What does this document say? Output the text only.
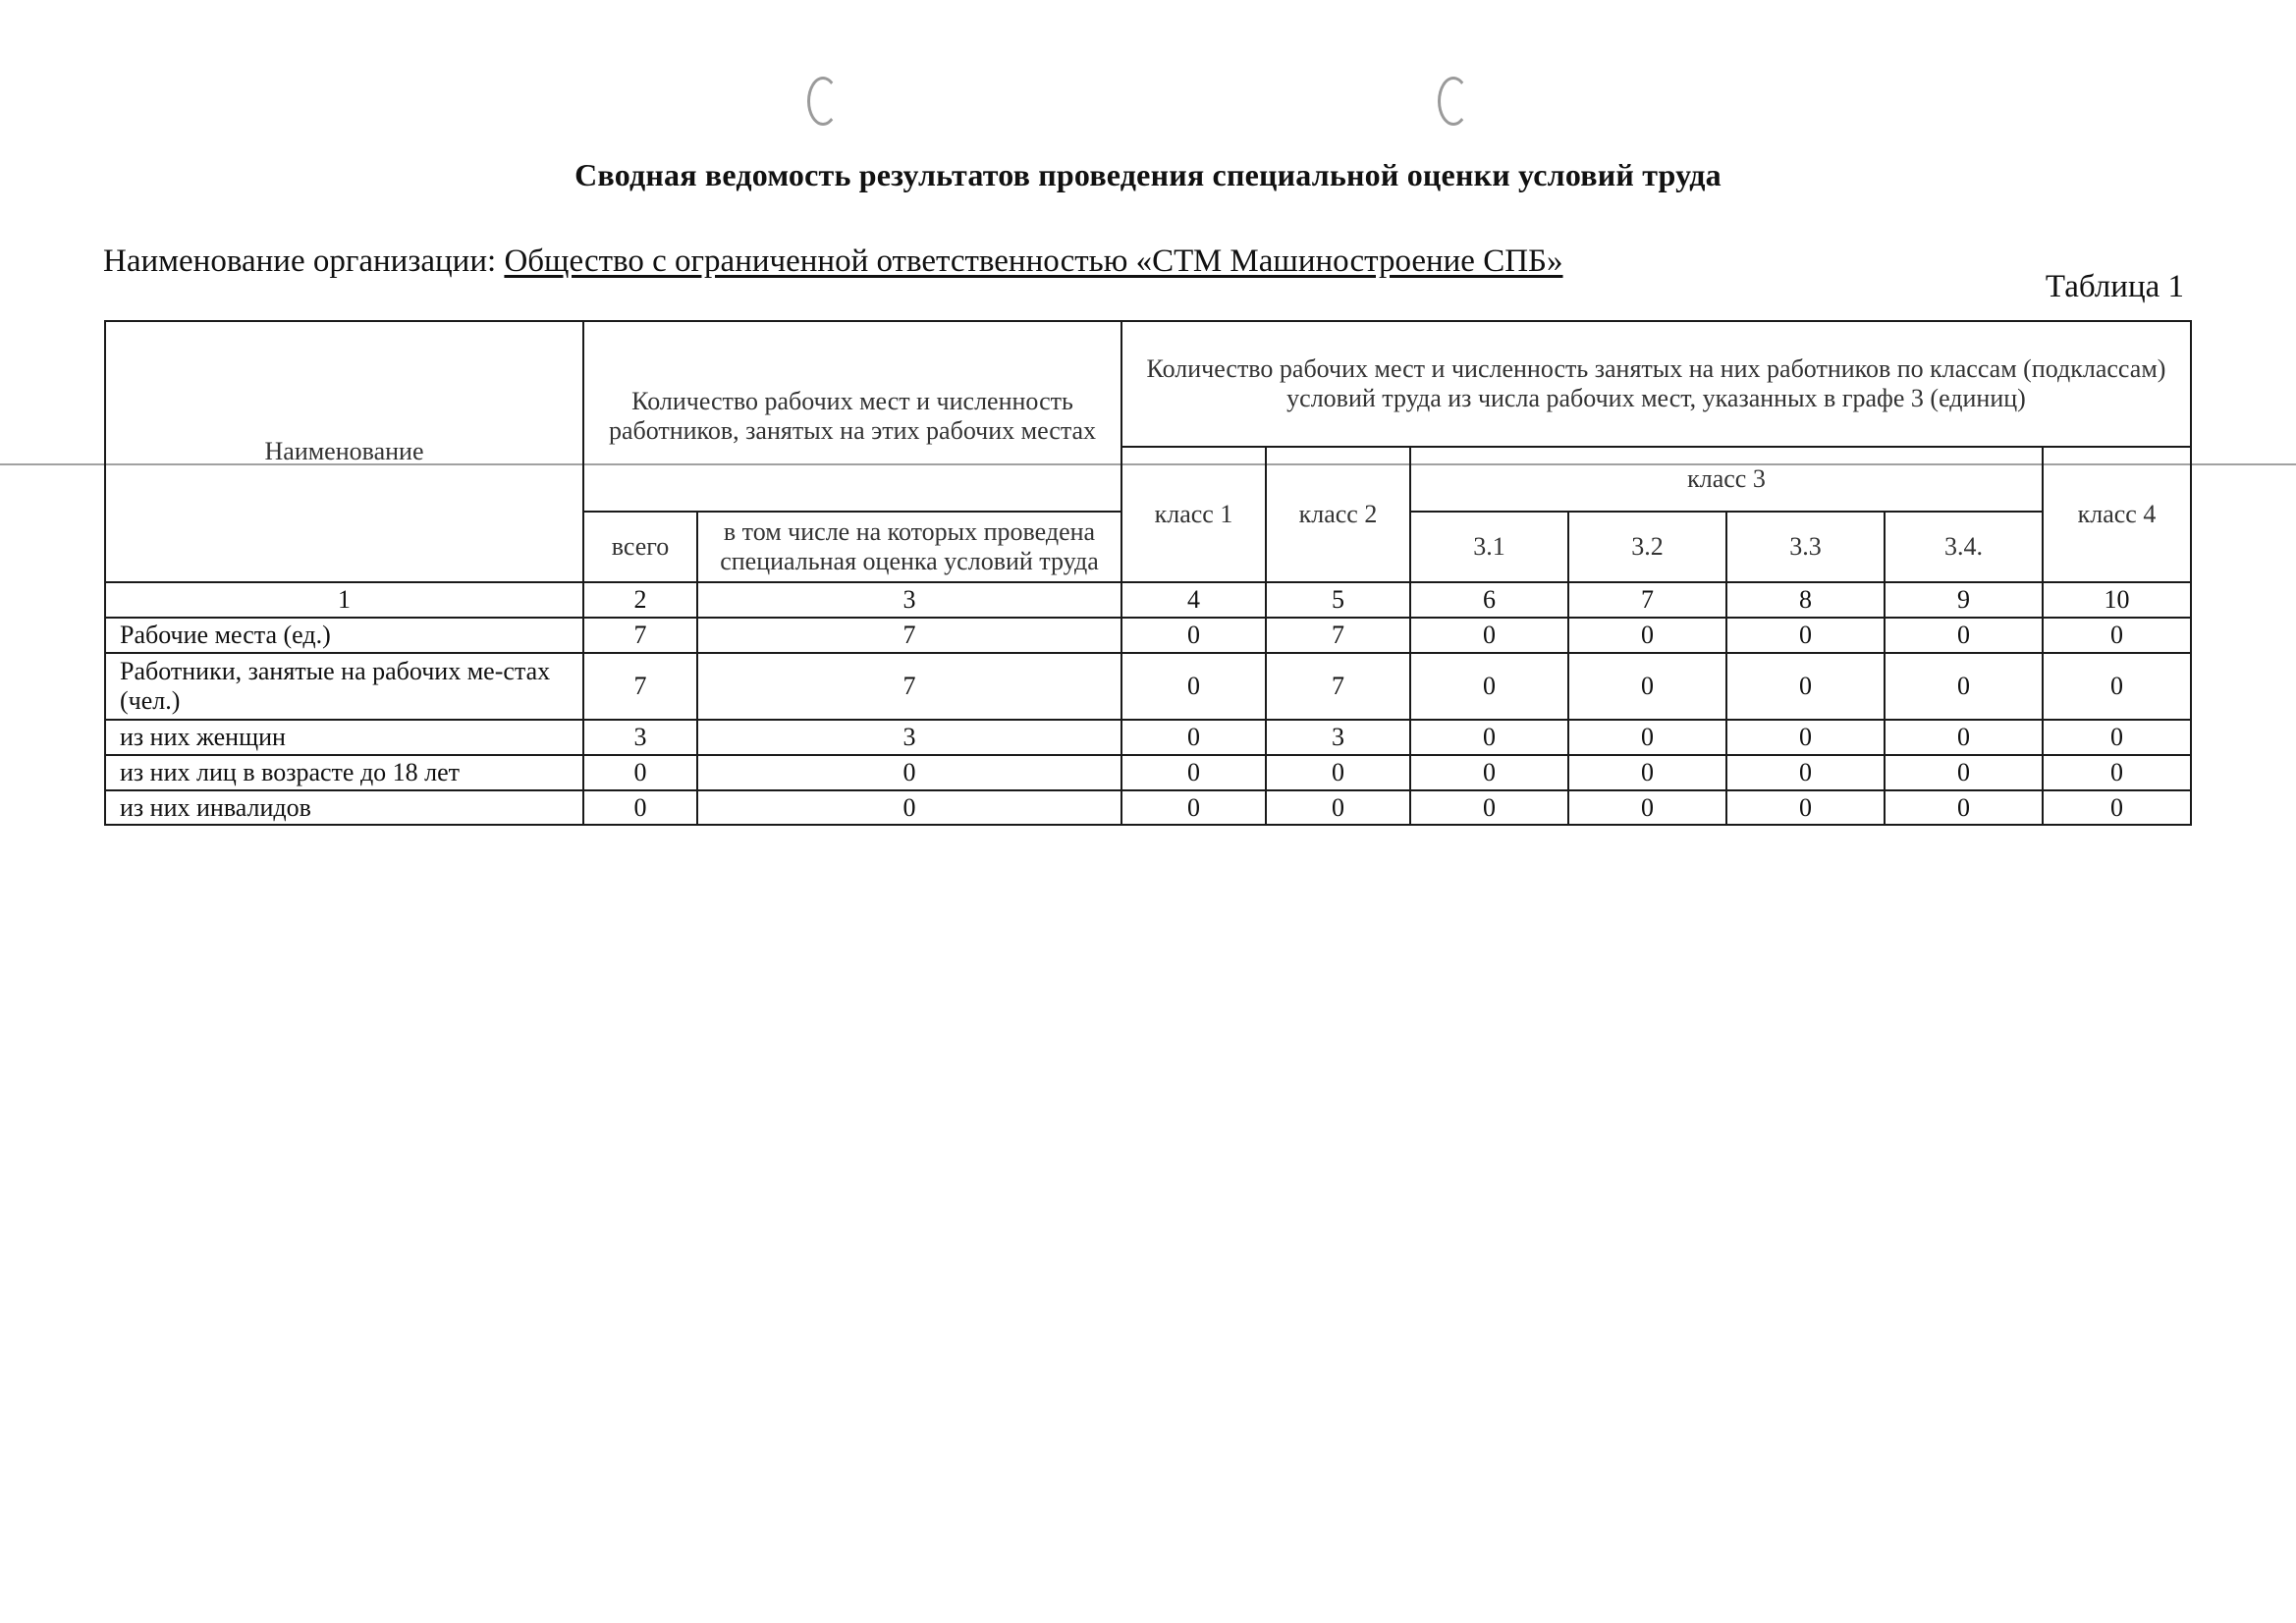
Сводная ведомость результатов проведения специальной оценки условий труда
Наименование организации: Общество с ограниченной ответственностью «СТМ Машиностроение СПБ»
Таблица 1
Наименование	Количество рабочих мест и численность работников, занятых на этих рабочих местах		Количество рабочих мест и численность занятых на них работников по классам (подклассам) условий труда из числа рабочих мест, указанных в графе 3 (единиц)						
			класс 1	класс 2	класс 3				класс 4
	всего	в том числе на которых проведена специальная оценка условий труда			3.1	3.2	3.3	3.4.	
1	2	3	4	5	6	7	8	9	10
Рабочие места (ед.)	7	7	0	7	0	0	0	0	0
Работники, занятые на рабочих ме-стах (чел.)	7	7	0	7	0	0	0	0	0
из них женщин	3	3	0	3	0	0	0	0	0
из них лиц в возрасте до 18 лет	0	0	0	0	0	0	0	0	0
из них инвалидов	0	0	0	0	0	0	0	0	0
